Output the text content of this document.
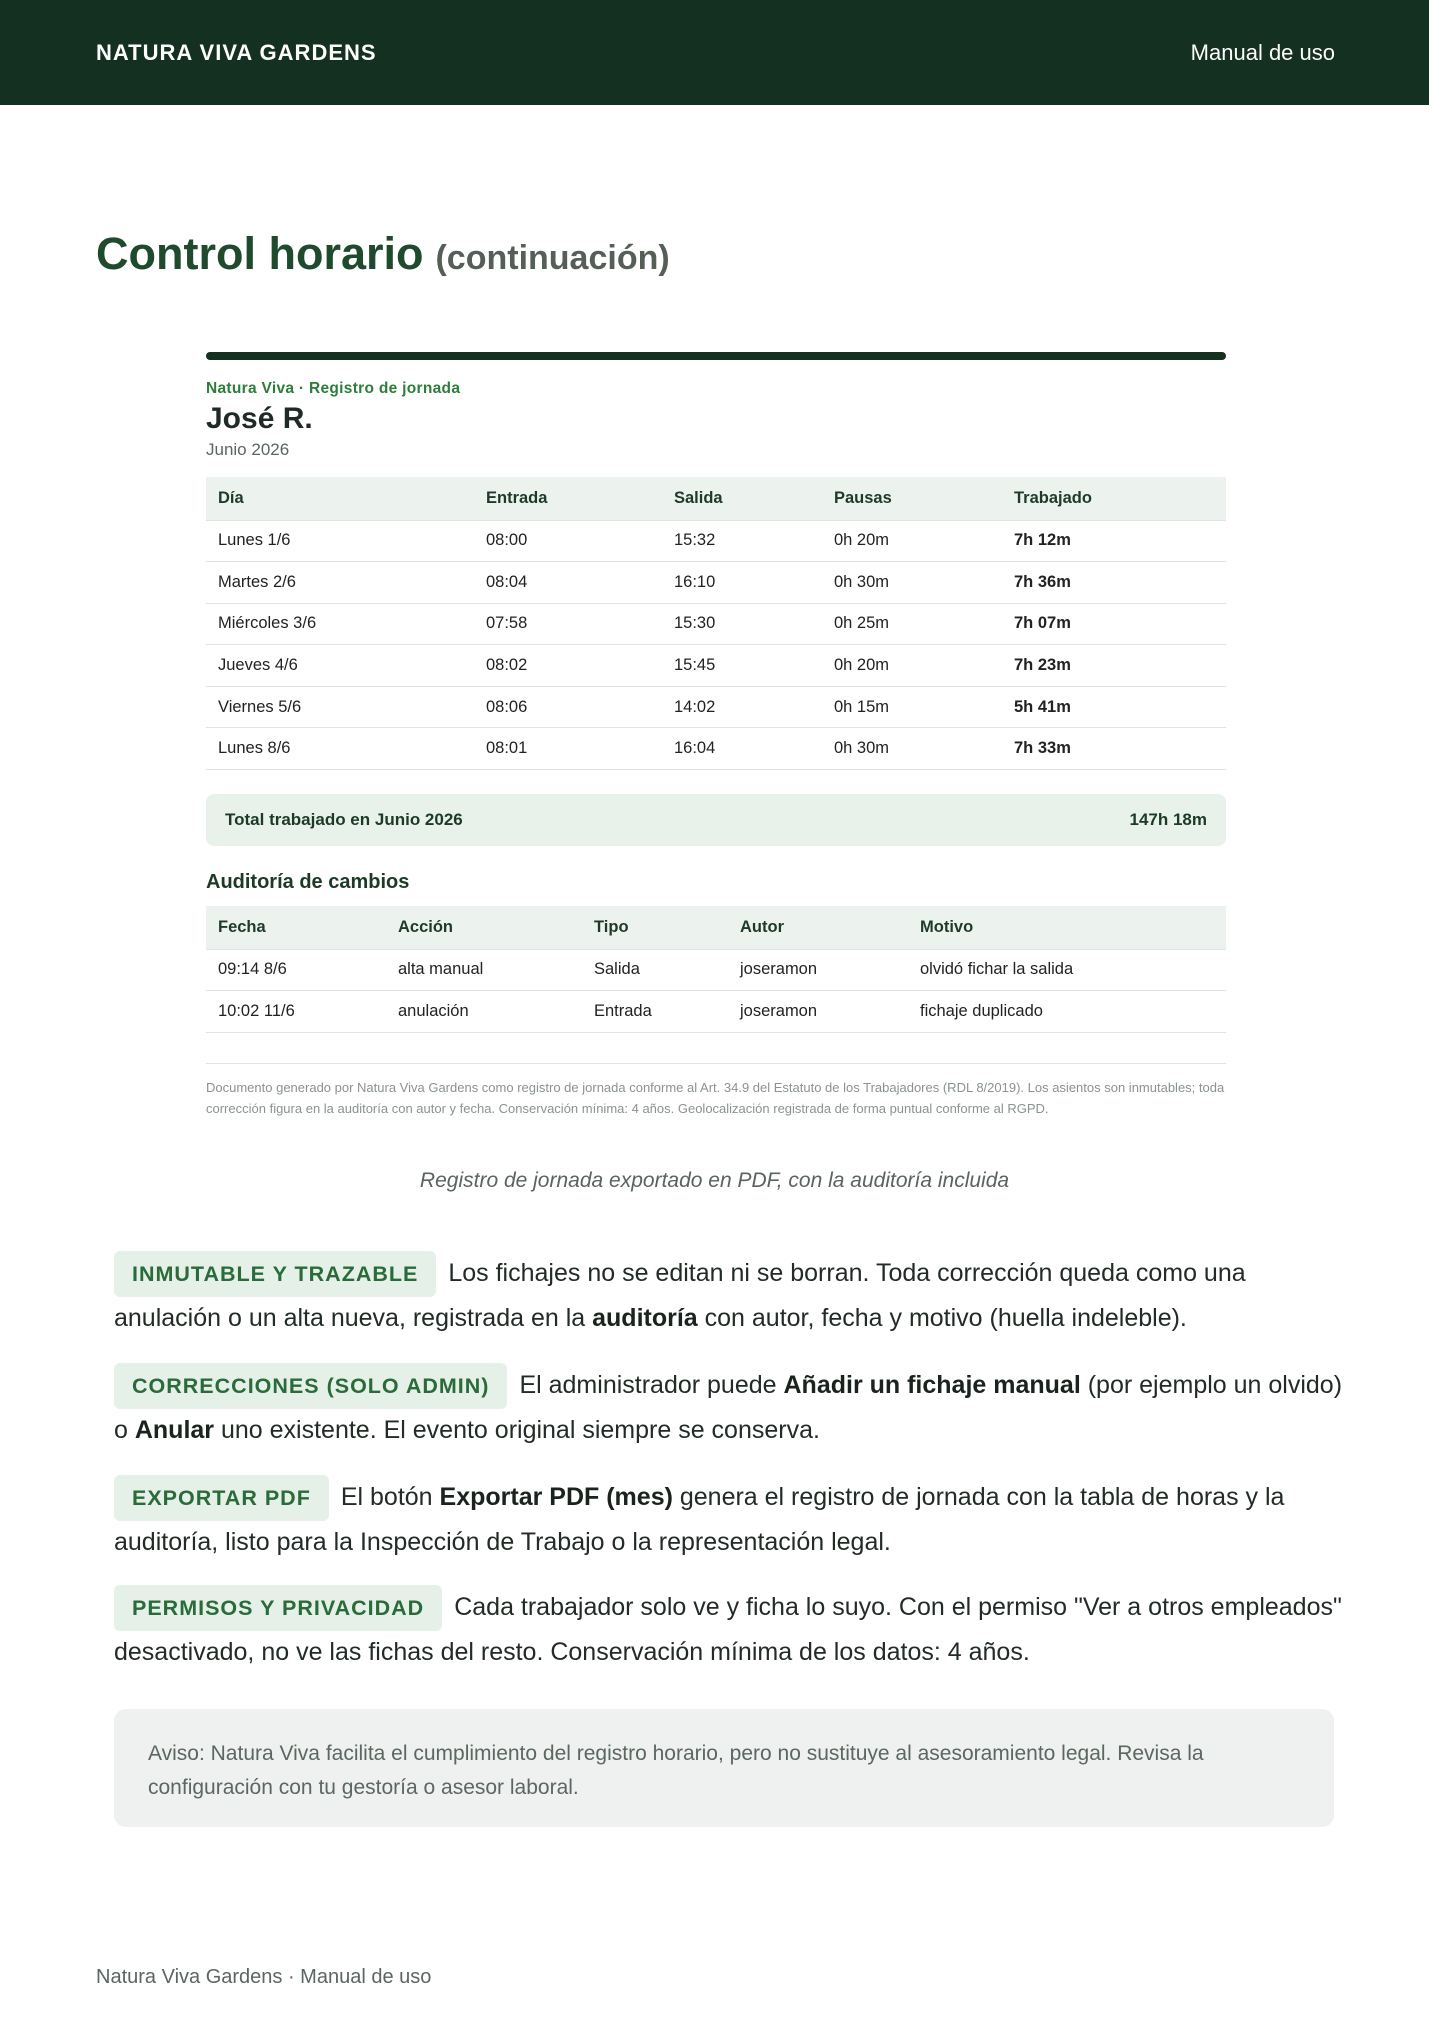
NATURA VIVA GARDENS	Manual de uso
Control horario (continuación)
Natura Viva · Registro de jornada
José R.
Junio 2026
Día	Entrada	Salida	Pausas	Trabajado
Lunes 1/6	08:00	15:32	0h 20m	7h 12m
Martes 2/6	08:04	16:10	0h 30m	7h 36m
Miércoles 3/6	07:58	15:30	0h 25m	7h 07m
Jueves 4/6	08:02	15:45	0h 20m	7h 23m
Viernes 5/6	08:06	14:02	0h 15m	5h 41m
Lunes 8/6	08:01	16:04	0h 30m	7h 33m
Total trabajado en Junio 2026	147h 18m
Auditoría de cambios
Fecha	Acción	Tipo	Autor	Motivo
09:14 8/6	alta manual	Salida	joseramon	olvidó fichar la salida
10:02 11/6	anulación	Entrada	joseramon	fichaje duplicado

Documento generado por Natura Viva Gardens como registro de jornada conforme al Art. 34.9 del Estatuto de los Trabajadores (RDL 8/2019). Los asientos son inmutables; toda corrección figura en la auditoría con autor y fecha. Conservación mínima: 4 años. Geolocalización registrada de forma puntual conforme al RGPD.

Registro de jornada exportado en PDF, con la auditoría incluida

INMUTABLE Y TRAZABLE Los fichajes no se editan ni se borran. Toda corrección queda como una anulación o un alta nueva, registrada en la auditoría con autor, fecha y motivo (huella indeleble).

CORRECCIONES (SOLO ADMIN) El administrador puede Añadir un fichaje manual (por ejemplo un olvido) o Anular uno existente. El evento original siempre se conserva.

EXPORTAR PDF El botón Exportar PDF (mes) genera el registro de jornada con la tabla de horas y la auditoría, listo para la Inspección de Trabajo o la representación legal.

PERMISOS Y PRIVACIDAD Cada trabajador solo ve y ficha lo suyo. Con el permiso "Ver a otros empleados" desactivado, no ve las fichas del resto. Conservación mínima de los datos: 4 años.

Aviso: Natura Viva facilita el cumplimiento del registro horario, pero no sustituye al asesoramiento legal. Revisa la configuración con tu gestoría o asesor laboral.
Natura Viva Gardens · Manual de uso
